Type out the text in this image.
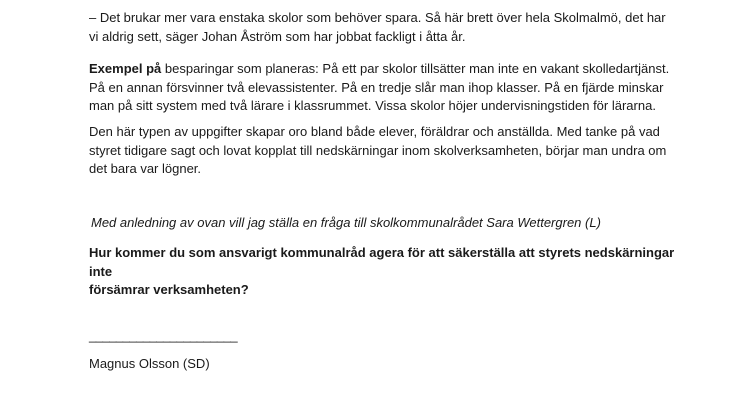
– Det brukar mer vara enstaka skolor som behöver spara. Så här brett över hela Skolmalmö, det har
vi aldrig sett, säger Johan Åström som har jobbat fackligt i åtta år.

Exempel på besparingar som planeras: På ett par skolor tillsätter man inte en vakant skolledartjänst.
På en annan försvinner två elevassistenter. På en tredje slår man ihop klasser. På en fjärde minskar
man på sitt system med två lärare i klassrummet. Vissa skolor höjer undervisningstiden för lärarna.

Den här typen av uppgifter skapar oro bland både elever, föräldrar och anställda. Med tanke på vad
styret tidigare sagt och lovat kopplat till nedskärningar inom skolverksamheten, börjar man undra om
det bara var lögner.

Med anledning av ovan vill jag ställa en fråga till skolkommunalrådet Sara Wettergren (L)

Hur kommer du som ansvarigt kommunalråd agera för att säkerställa att styrets nedskärningar inte
försämrar verksamheten?

______________________

Magnus Olsson (SD)
